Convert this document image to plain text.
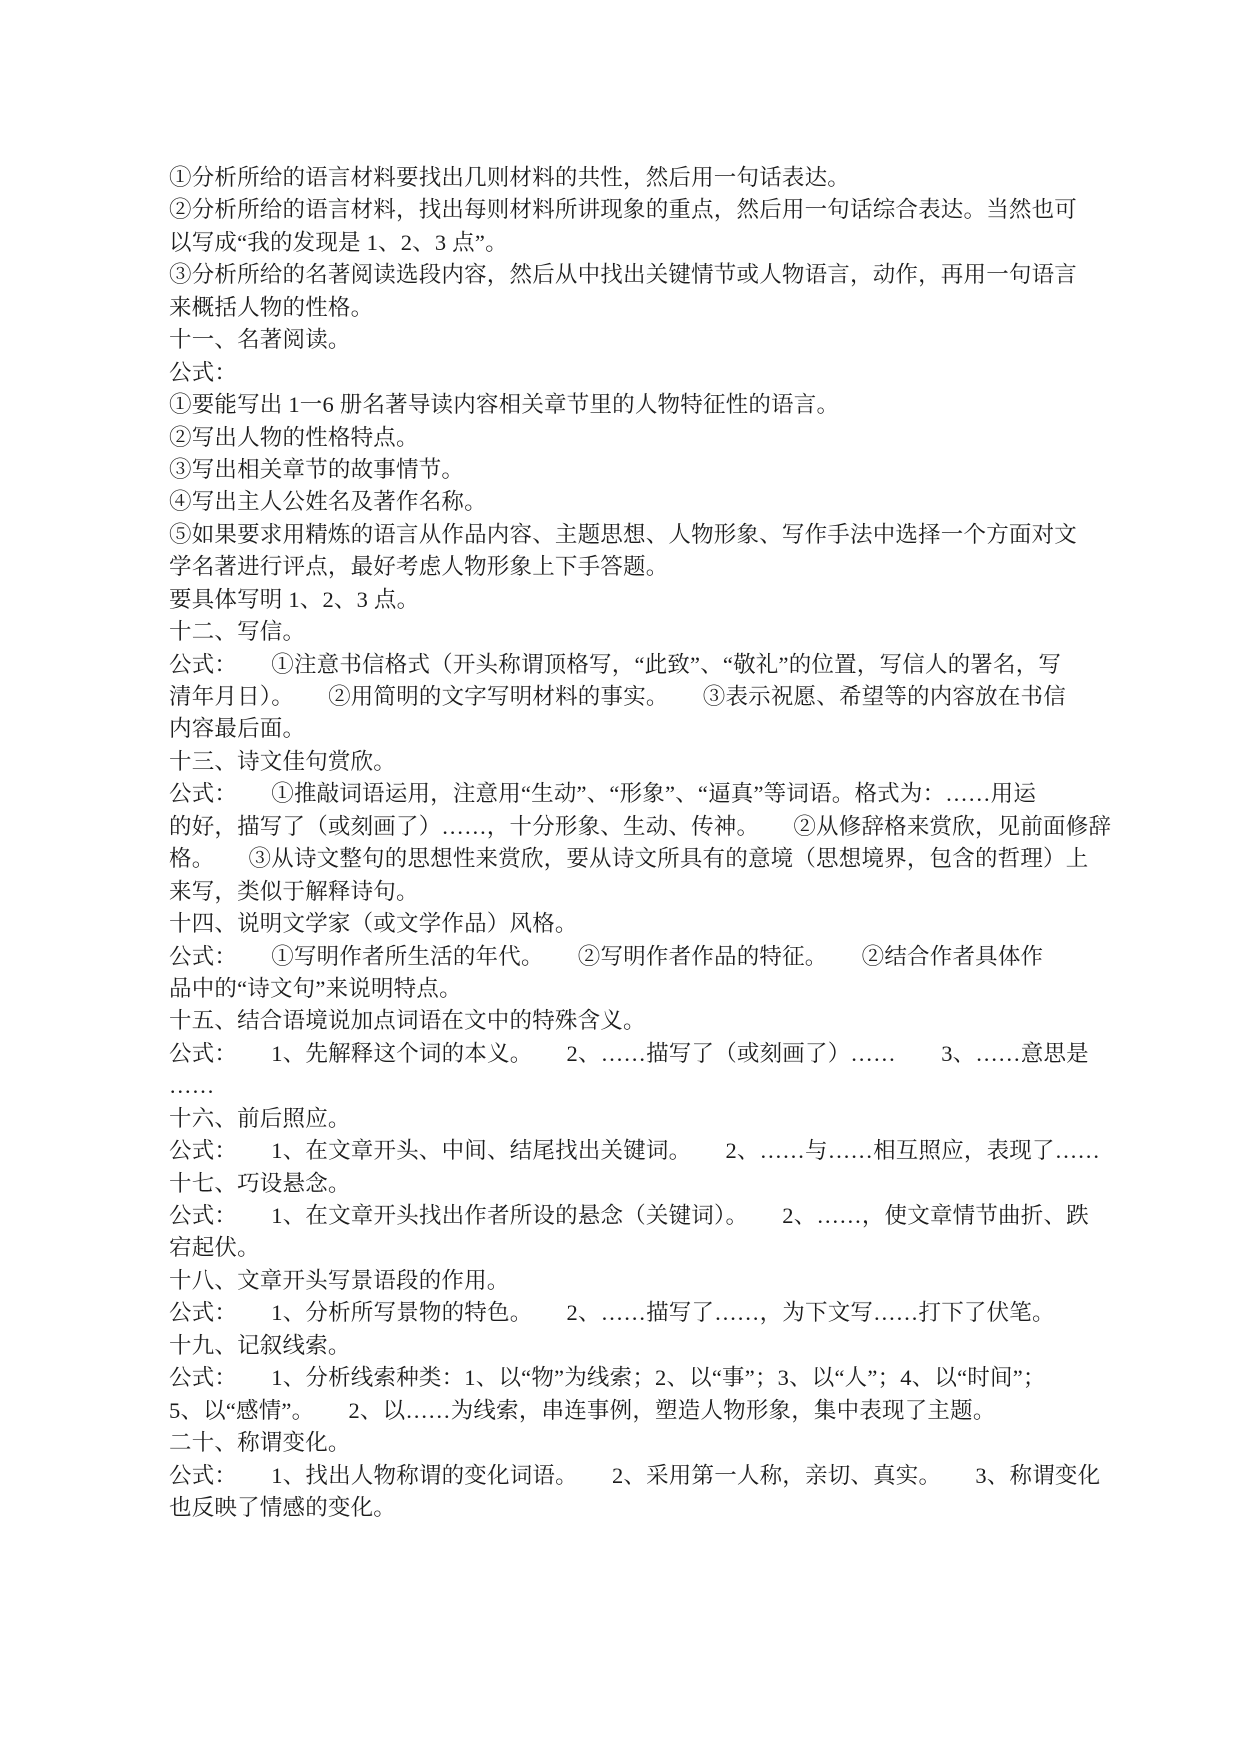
①分析所给的语言材料要找出几则材料的共性，然后用一句话表达。
②分析所给的语言材料，找出每则材料所讲现象的重点，然后用一句话综合表达。当然也可
以写成“我的发现是 1、2、3 点”。
③分析所给的名著阅读选段内容，然后从中找出关键情节或人物语言，动作，再用一句语言
来概括人物的性格。
十一、名著阅读。
公式：
①要能写出 1一6 册名著导读内容相关章节里的人物特征性的语言。
②写出人物的性格特点。
③写出相关章节的故事情节。
④写出主人公姓名及著作名称。
⑤如果要求用精炼的语言从作品内容、主题思想、人物形象、写作手法中选择一个方面对文
学名著进行评点，最好考虑人物形象上下手答题。
要具体写明 1、2、3 点。
十二、写信。
公式：　　①注意书信格式（开头称谓顶格写，“此致”、“敬礼”的位置，写信人的署名，写
清年月日）。　　②用简明的文字写明材料的事实。　　③表示祝愿、希望等的内容放在书信
内容最后面。
十三、诗文佳句赏欣。
公式：　　①推敲词语运用，注意用“生动”、“形象”、“逼真”等词语。格式为：……用运
的好，描写了（或刻画了）……，十分形象、生动、传神。　　②从修辞格来赏欣，见前面修辞
格。　　③从诗文整句的思想性来赏欣，要从诗文所具有的意境（思想境界，包含的哲理）上
来写，类似于解释诗句。
十四、说明文学家（或文学作品）风格。
公式：　　①写明作者所生活的年代。　　②写明作者作品的特征。　　②结合作者具体作
品中的“诗文句”来说明特点。
十五、结合语境说加点词语在文中的特殊含义。
公式：　　1、先解释这个词的本义。　　2、……描写了（或刻画了）……　　3、……意思是
……
十六、前后照应。
公式：　　1、在文章开头、中间、结尾找出关键词。　　2、……与……相互照应，表现了……
十七、巧设悬念。
公式：　　1、在文章开头找出作者所设的悬念（关键词）。　　2、……，使文章情节曲折、跌
宕起伏。
十八、文章开头写景语段的作用。
公式：　　1、分析所写景物的特色。　　2、……描写了……，为下文写……打下了伏笔。
十九、记叙线索。
公式：　　1、分析线索种类：1、以“物”为线索；2、以“事”；3、以“人”；4、以“时间”；
5、以“感情”。　　2、以……为线索，串连事例，塑造人物形象，集中表现了主题。
二十、称谓变化。
公式：　　1、找出人物称谓的变化词语。　　2、采用第一人称，亲切、真实。　　3、称谓变化
也反映了情感的变化。
